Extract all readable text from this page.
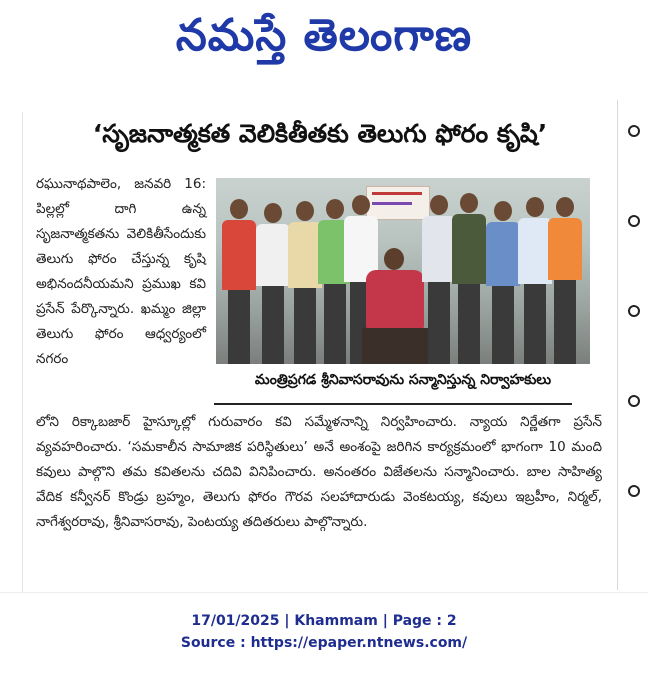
నమస్తే తెలంగాణ
‘సృజనాత్మకత వెలికితీతకు తెలుగు ఫోరం కృషి’

రఘునాథపాలెం, జనవరి 16: పిల్లల్లో దాగి ఉన్న సృజనాత్మకతను వెలికితీసేందుకు తెలుగు ఫోరం చేస్తున్న కృషి అభినందనీయమని ప్రముఖ కవి ప్రసేన్ పేర్కొన్నారు. ఖమ్మం జిల్లా తెలుగు ఫోరం ఆధ్వర్యంలో నగరం

మంత్రిప్రగడ శ్రీనివాసరావును సన్మానిస్తున్న నిర్వాహకులు

లోని రిక్కాబజార్ హైస్కూల్లో గురువారం కవి సమ్మేళనాన్ని నిర్వహించారు. న్యాయ నిర్ణేతగా ప్రసేన్ వ్యవహరించారు. ‘సమకాలీన సామాజిక పరిస్థితులు’ అనే అంశంపై జరిగిన కార్యక్రమంలో భాగంగా 10 మంది కవులు పాల్గొని తమ కవితలను చదివి వినిపించారు. అనంతరం విజేతలను సన్మానించారు. బాల సాహిత్య వేదిక కన్వీనర్ కొండ్రు బ్రహ్మం, తెలుగు ఫోరం గౌరవ సలహాదారుడు వెంకటయ్య, కవులు ఇబ్రహీం, నిర్మల్, నాగేశ్వరరావు, శ్రీనివాసరావు, పెంటయ్య తదితరులు పాల్గొన్నారు.

17/01/2025 | Khammam | Page : 2
Source : https://epaper.ntnews.com/
